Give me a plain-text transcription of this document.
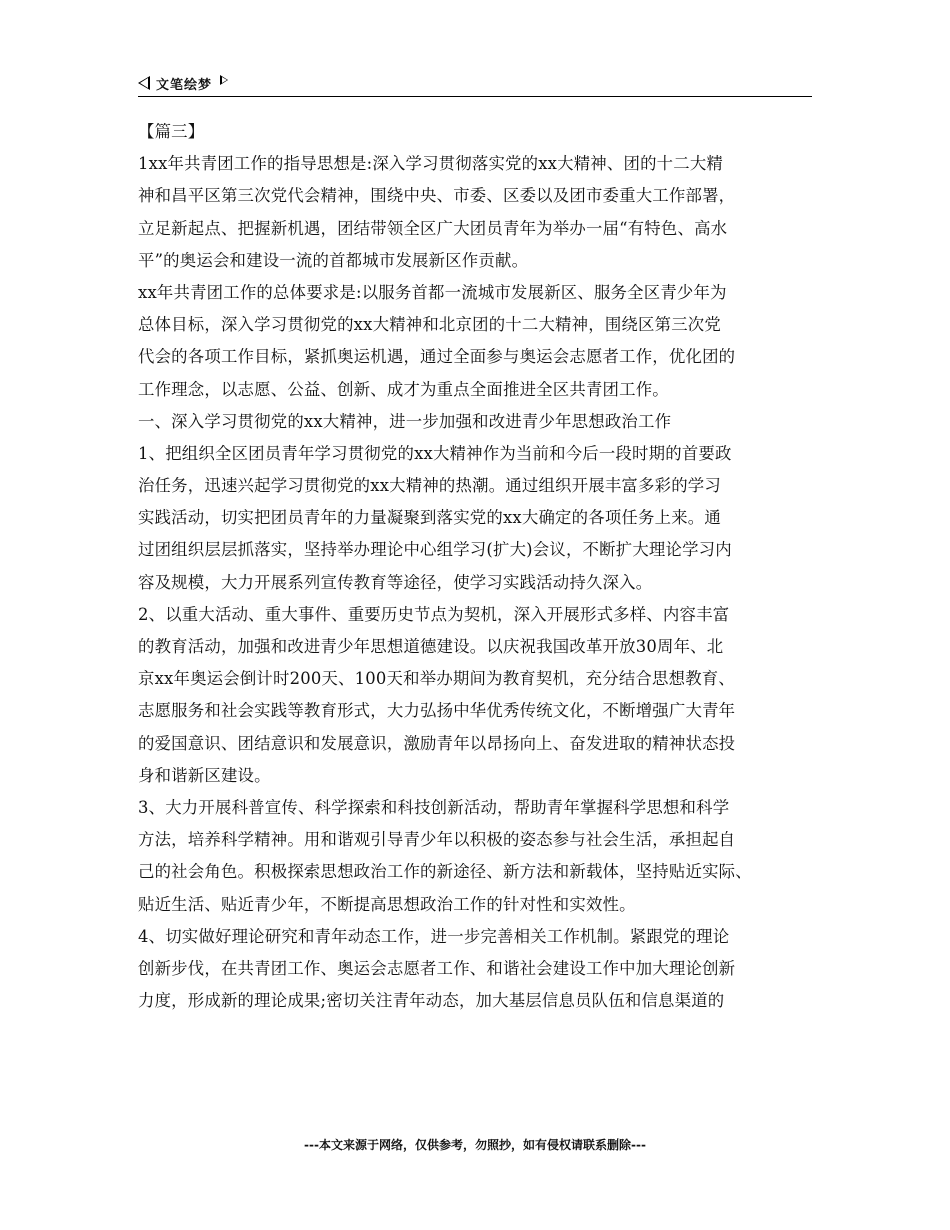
文笔绘梦
【篇三】
1xx年共青团工作的指导思想是:深入学习贯彻落实党的xx大精神、团的十二大精
神和昌平区第三次党代会精神，围绕中央、市委、区委以及团市委重大工作部署，
立足新起点、把握新机遇，团结带领全区广大团员青年为举办一届“有特色、高水
平”的奥运会和建设一流的首都城市发展新区作贡献。
xx年共青团工作的总体要求是:以服务首都一流城市发展新区、服务全区青少年为
总体目标，深入学习贯彻党的xx大精神和北京团的十二大精神，围绕区第三次党
代会的各项工作目标，紧抓奥运机遇，通过全面参与奥运会志愿者工作，优化团的
工作理念，以志愿、公益、创新、成才为重点全面推进全区共青团工作。
一、深入学习贯彻党的xx大精神，进一步加强和改进青少年思想政治工作
1、把组织全区团员青年学习贯彻党的xx大精神作为当前和今后一段时期的首要政
治任务，迅速兴起学习贯彻党的xx大精神的热潮。通过组织开展丰富多彩的学习
实践活动，切实把团员青年的力量凝聚到落实党的xx大确定的各项任务上来。通
过团组织层层抓落实，坚持举办理论中心组学习(扩大)会议，不断扩大理论学习内
容及规模，大力开展系列宣传教育等途径，使学习实践活动持久深入。
2、以重大活动、重大事件、重要历史节点为契机，深入开展形式多样、内容丰富
的教育活动，加强和改进青少年思想道德建设。以庆祝我国改革开放30周年、北
京xx年奥运会倒计时200天、100天和举办期间为教育契机，充分结合思想教育、
志愿服务和社会实践等教育形式，大力弘扬中华优秀传统文化，不断增强广大青年
的爱国意识、团结意识和发展意识，激励青年以昂扬向上、奋发进取的精神状态投
身和谐新区建设。
3、大力开展科普宣传、科学探索和科技创新活动，帮助青年掌握科学思想和科学
方法，培养科学精神。用和谐观引导青少年以积极的姿态参与社会生活，承担起自
己的社会角色。积极探索思想政治工作的新途径、新方法和新载体，坚持贴近实际、
贴近生活、贴近青少年，不断提高思想政治工作的针对性和实效性。
4、切实做好理论研究和青年动态工作，进一步完善相关工作机制。紧跟党的理论
创新步伐，在共青团工作、奥运会志愿者工作、和谐社会建设工作中加大理论创新
力度，形成新的理论成果;密切关注青年动态，加大基层信息员队伍和信息渠道的
---本文来源于网络，仅供参考，勿照抄，如有侵权请联系删除---
